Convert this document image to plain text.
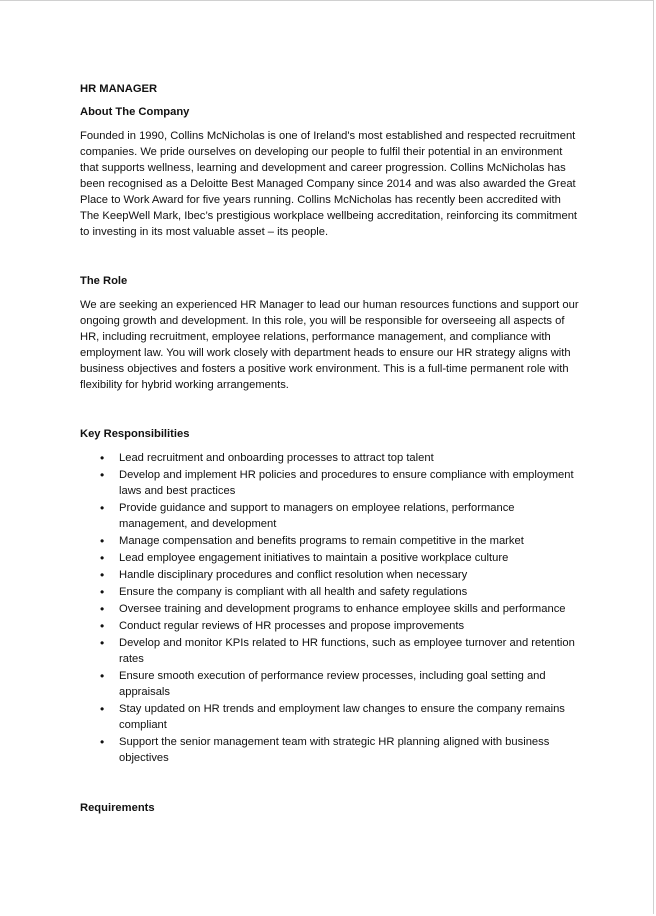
HR MANAGER
About The Company

Founded in 1990, Collins McNicholas is one of Ireland's most established and respected recruitment companies. We pride ourselves on developing our people to fulfil their potential in an environment that supports wellness, learning and development and career progression. Collins McNicholas has been recognised as a Deloitte Best Managed Company since 2014 and was also awarded the Great Place to Work Award for five years running. Collins McNicholas has recently been accredited with The KeepWell Mark, Ibec’s prestigious workplace wellbeing accreditation, reinforcing its commitment to investing in its most valuable asset – its people.

The Role

We are seeking an experienced HR Manager to lead our human resources functions and support our ongoing growth and development. In this role, you will be responsible for overseeing all aspects of HR, including recruitment, employee relations, performance management, and compliance with employment law. You will work closely with department heads to ensure our HR strategy aligns with business objectives and fosters a positive work environment. This is a full-time permanent role with flexibility for hybrid working arrangements.

Key Responsibilities
• Lead recruitment and onboarding processes to attract top talent
• Develop and implement HR policies and procedures to ensure compliance with employment laws and best practices
• Provide guidance and support to managers on employee relations, performance management, and development
• Manage compensation and benefits programs to remain competitive in the market
• Lead employee engagement initiatives to maintain a positive workplace culture
• Handle disciplinary procedures and conflict resolution when necessary
• Ensure the company is compliant with all health and safety regulations
• Oversee training and development programs to enhance employee skills and performance
• Conduct regular reviews of HR processes and propose improvements
• Develop and monitor KPIs related to HR functions, such as employee turnover and retention rates
• Ensure smooth execution of performance review processes, including goal setting and appraisals
• Stay updated on HR trends and employment law changes to ensure the company remains compliant
• Support the senior management team with strategic HR planning aligned with business objectives
Requirements
